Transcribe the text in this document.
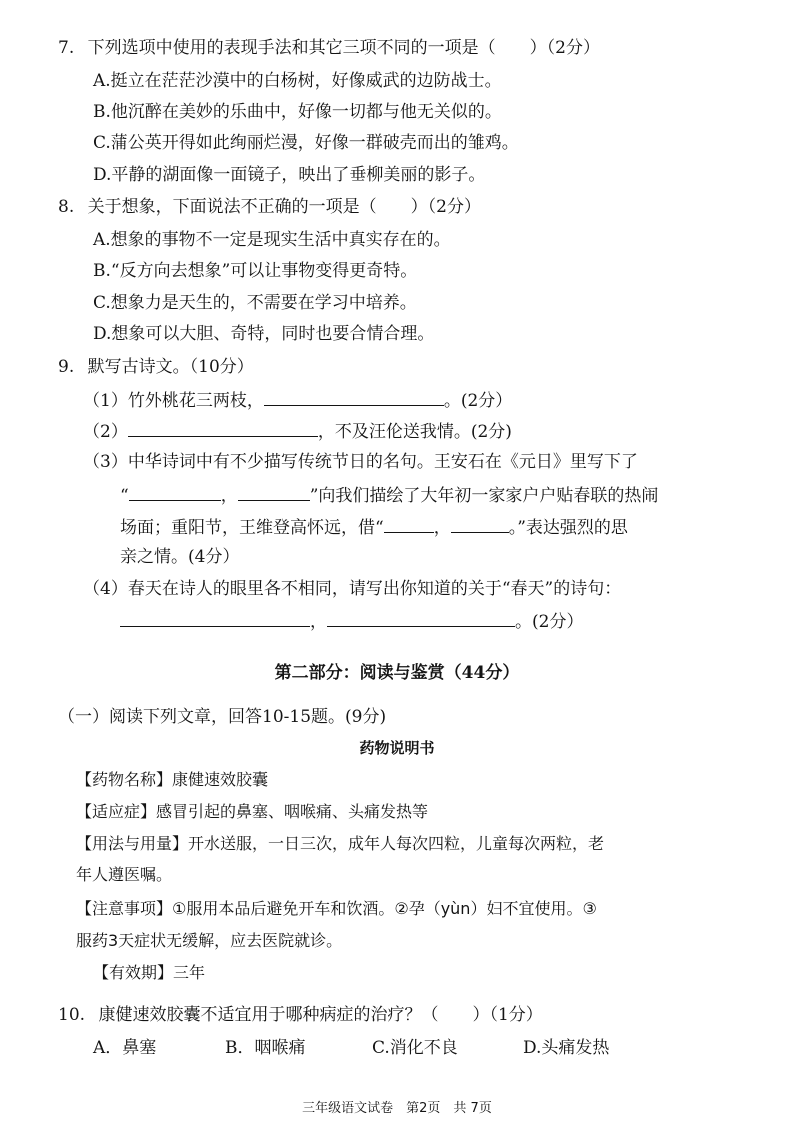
7. 下列选项中使用的表现手法和其它三项不同的一项是（　　）（2分）
A.挺立在茫茫沙漠中的白杨树，好像威武的边防战士。
B.他沉醉在美妙的乐曲中，好像一切都与他无关似的。
C.蒲公英开得如此绚丽烂漫，好像一群破壳而出的雏鸡。
D.平静的湖面像一面镜子，映出了垂柳美丽的影子。
8. 关于想象，下面说法不正确的一项是（　　）（2分）
A.想象的事物不一定是现实生活中真实存在的。
B.“反方向去想象”可以让事物变得更奇特。
C.想象力是天生的，不需要在学习中培养。
D.想象可以大胆、奇特，同时也要合情合理。
9. 默写古诗文。（10分）
（1）竹外桃花三两枝，	。(2分）
（2）	，不及汪伦送我情。(2分)
（3）中华诗词中有不少描写传统节日的名句。王安石在《元日》里写下了
“	，	”向我们描绘了大年初一家家户户贴春联的热闹
场面；重阳节，王维登高怀远，借“	，	。”表达强烈的思
亲之情。(4分）
（4）春天在诗人的眼里各不相同，请写出你知道的关于“春天”的诗句：
，	。(2分）
第二部分：阅读与鉴赏（44分）
（一）阅读下列文章，回答10-15题。(9分)
药物说明书
【药物名称】康健速效胶囊
【适应症】感冒引起的鼻塞、咽喉痛、头痛发热等
【用法与用量】开水送服，一日三次，成年人每次四粒，儿童每次两粒，老
年人遵医嘱。
【注意事项】①服用本品后避免开车和饮酒。②孕（yùn）妇不宜使用。③
服药3天症状无缓解，应去医院就诊。
【有效期】三年
10. 康健速效胶囊不适宜用于哪种病症的治疗？（　　）（1分）
A．鼻塞	B．咽喉痛	C.消化不良	D.头痛发热
三年级语文试卷　第2页　共 7页
